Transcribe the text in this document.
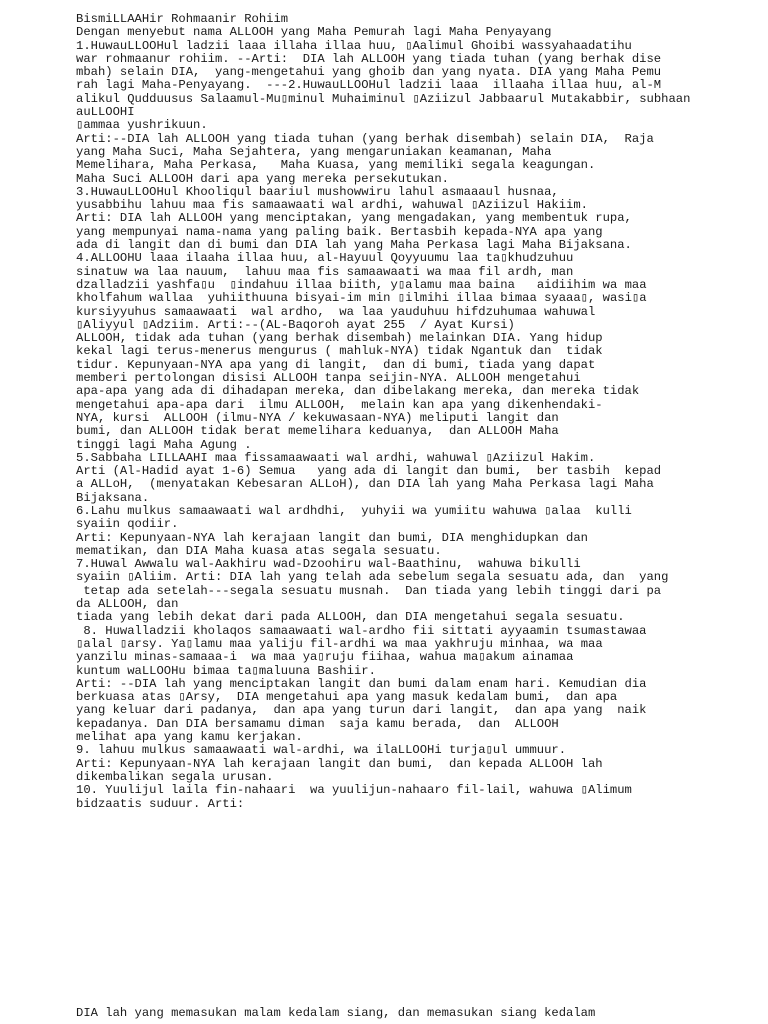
BismiLLAAHir Rohmaanir Rohiim
Dengan menyebut nama ALLOOH yang Maha Pemurah lagi Maha Penyayang
1.HuwauLLOOHul ladzii laaa illaha illaa huu, ▯Aalimul Ghoibi wassyahaadatihu
war rohmaanur rohiim. --Arti:  DIA lah ALLOOH yang tiada tuhan (yang berhak dise
mbah) selain DIA,  yang-mengetahui yang ghoib dan yang nyata. DIA yang Maha Pemu
rah lagi Maha-Penyayang.  ---2.HuwauLLOOHul ladzii laaa  illaaha illaa huu, al-M
alikul Qudduusus Salaamul-Mu▯minul Muhaiminul ▯Aziizul Jabbaarul Mutakabbir, subhaan
auLLOOHI
▯ammaa yushrikuun.
Arti:--DIA lah ALLOOH yang tiada tuhan (yang berhak disembah) selain DIA,  Raja
yang Maha Suci, Maha Sejahtera, yang mengaruniakan keamanan, Maha
Memelihara, Maha Perkasa,   Maha Kuasa, yang memiliki segala keagungan.
Maha Suci ALLOOH dari apa yang mereka persekutukan.
3.HuwauLLOOHul Khooliqul baariul mushowwiru lahul asmaaaul husnaa,
yusabbihu lahuu maa fis samaawaati wal ardhi, wahuwal ▯Aziizul Hakiim.
Arti: DIA lah ALLOOH yang menciptakan, yang mengadakan, yang membentuk rupa,
yang mempunyai nama-nama yang paling baik. Bertasbih kepada-NYA apa yang
ada di langit dan di bumi dan DIA lah yang Maha Perkasa lagi Maha Bijaksana.
4.ALLOOHU laaa ilaaha illaa huu, al-Hayuul Qoyyuumu laa ta▯khudzuhuu
sinatuw wa laa nauum,  lahuu maa fis samaawaati wa maa fil ardh, man
dzalladzii yashfa▯u  ▯indahuu illaa biith, y▯alamu maa baina   aidiihim wa maa
kholfahum wallaa  yuhiithuuna bisyai-im min ▯ilmihi illaa bimaa syaaa▯, wasi▯a
kursiyyuhus samaawaati  wal ardho,  wa laa yauduhuu hifdzuhumaa wahuwal
▯Aliyyul ▯Adziim. Arti:--(AL-Baqoroh ayat 255  / Ayat Kursi)
ALLOOH, tidak ada tuhan (yang berhak disembah) melainkan DIA. Yang hidup
kekal lagi terus-menerus mengurus ( mahluk-NYA) tidak Ngantuk dan  tidak
tidur. Kepunyaan-NYA apa yang di langit,  dan di bumi, tiada yang dapat
memberi pertolongan disisi ALLOOH tanpa seijin-NYA. ALLOOH mengetahui
apa-apa yang ada di dihadapan mereka, dan dibelakang mereka, dan mereka tidak
mengetahui apa-apa dari  ilmu ALLOOH,  melain kan apa yang dikenhendaki-
NYA, kursi  ALLOOH (ilmu-NYA / kekuwasaan-NYA) meliputi langit dan
bumi, dan ALLOOH tidak berat memelihara keduanya,  dan ALLOOH Maha
tinggi lagi Maha Agung .
5.Sabbaha LILLAAHI maa fissamaawaati wal ardhi, wahuwal ▯Aziizul Hakim.
Arti (Al-Hadid ayat 1-6) Semua   yang ada di langit dan bumi,  ber tasbih  kepad
a ALLoH,  (menyatakan Kebesaran ALLoH), dan DIA lah yang Maha Perkasa lagi Maha
Bijaksana.
6.Lahu mulkus samaawaati wal ardhdhi,  yuhyii wa yumiitu wahuwa ▯alaa  kulli
syaiin qodiir.
Arti: Kepunyaan-NYA lah kerajaan langit dan bumi, DIA menghidupkan dan
mematikan, dan DIA Maha kuasa atas segala sesuatu.
7.Huwal Awwalu wal-Aakhiru wad-Dzoohiru wal-Baathinu,  wahuwa bikulli
syaiin ▯Aliim. Arti: DIA lah yang telah ada sebelum segala sesuatu ada, dan  yang
tetap ada setelah---segala sesuatu musnah.  Dan tiada yang lebih tinggi dari pa
da ALLOOH, dan
tiada yang lebih dekat dari pada ALLOOH, dan DIA mengetahui segala sesuatu.
8. Huwalladzii kholaqos samaawaati wal-ardho fii sittati ayyaamin tsumastawaa
▯alal ▯arsy. Ya▯lamu maa yaliju fil-ardhi wa maa yakhruju minhaa, wa maa
yanzilu minas-samaaa-i  wa maa ya▯ruju fiihaa, wahua ma▯akum ainamaa
kuntum waLLOOHu bimaa ta▯maluuna Bashiir.
Arti: --DIA lah yang menciptakan langit dan bumi dalam enam hari. Kemudian dia
berkuasa atas ▯Arsy,  DIA mengetahui apa yang masuk kedalam bumi,  dan apa
yang keluar dari padanya,  dan apa yang turun dari langit,  dan apa yang  naik
kepadanya. Dan DIA bersamamu diman  saja kamu berada,  dan  ALLOOH
melihat apa yang kamu kerjakan.
9. lahuu mulkus samaawaati wal-ardhi, wa ilaLLOOHi turja▯ul ummuur.
Arti: Kepunyaan-NYA lah kerajaan langit dan bumi,  dan kepada ALLOOH lah
dikembalikan segala urusan.
10. Yuulijul laila fin-nahaari  wa yuulijun-nahaaro fil-lail, wahuwa ▯Alimum
bidzaatis suduur. Arti:
DIA lah yang memasukan malam kedalam siang, dan memasukan siang kedalam
